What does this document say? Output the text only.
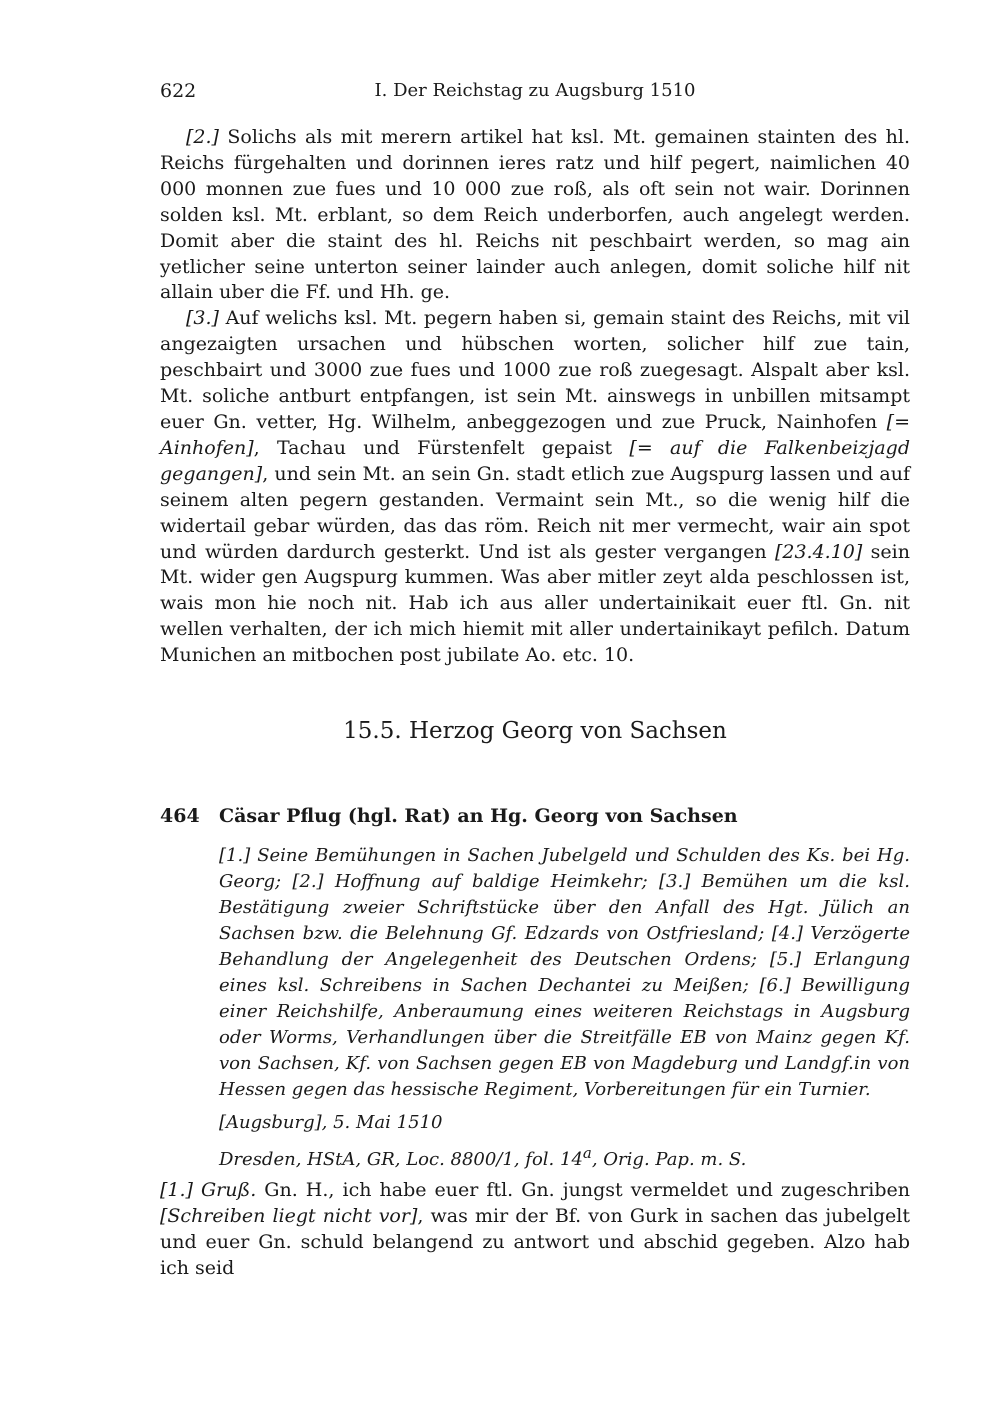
622	I. Der Reichstag zu Augsburg 1510

[2.] Solichs als mit merern artikel hat ksl. Mt. gemainen stainten des hl. Reichs fürgehalten und dorinnen ieres ratz und hilf pegert, naimlichen 40 000 monnen zue fues und 10 000 zue roß, als oft sein not wair. Dorinnen solden ksl. Mt. erblant, so dem Reich underborfen, auch angelegt werden. Domit aber die staint des hl. Reichs nit peschbairt werden, so mag ain yetlicher seine unterton seiner lainder auch anlegen, domit soliche hilf nit allain uber die Ff. und Hh. ge.

[3.] Auf welichs ksl. Mt. pegern haben si, gemain staint des Reichs, mit vil angezaigten ursachen und hübschen worten, solicher hilf zue tain, peschbairt und 3000 zue fues und 1000 zue roß zuegesagt. Alspalt aber ksl. Mt. soliche antburt entpfangen, ist sein Mt. ainswegs in unbillen mitsampt euer Gn. vetter, Hg. Wilhelm, anbeggezogen und zue Pruck, Nainhofen [= Ainhofen], Tachau und Fürstenfelt gepaist [= auf die Falkenbeizjagd gegangen], und sein Mt. an sein Gn. stadt etlich zue Augspurg lassen und auf seinem alten pegern gestanden. Vermaint sein Mt., so die wenig hilf die widertail gebar würden, das das röm. Reich nit mer vermecht, wair ain spot und würden dardurch gesterkt. Und ist als gester vergangen [23.4.10] sein Mt. wider gen Augspurg kummen. Was aber mitler zeyt alda peschlossen ist, wais mon hie noch nit. Hab ich aus aller undertainikait euer ftl. Gn. nit wellen verhalten, der ich mich hiemit mit aller undertainikayt pefilch. Datum Munichen an mitbochen post jubilate Ao. etc. 10.

15.5. Herzog Georg von Sachsen
464 Cäsar Pflug (hgl. Rat) an Hg. Georg von Sachsen

[1.] Seine Bemühungen in Sachen Jubelgeld und Schulden des Ks. bei Hg. Georg; [2.] Hoffnung auf baldige Heimkehr; [3.] Bemühen um die ksl. Bestätigung zweier Schriftstücke über den Anfall des Hgt. Jülich an Sachsen bzw. die Belehnung Gf. Edzards von Ostfriesland; [4.] Verzögerte Behandlung der Angelegenheit des Deutschen Ordens; [5.] Erlangung eines ksl. Schreibens in Sachen Dechantei zu Meißen; [6.] Bewilligung einer Reichshilfe, Anberaumung eines weiteren Reichstags in Augsburg oder Worms, Verhandlungen über die Streitfälle EB von Mainz gegen Kf. von Sachsen, Kf. von Sachsen gegen EB von Magdeburg und Landgf.in von Hessen gegen das hessische Regiment, Vorbereitungen für ein Turnier.

[Augsburg], 5. Mai 1510

Dresden, HStA, GR, Loc. 8800/1, fol. 14$^a$, Orig. Pap. m. S.

[1.] Gruß. Gn. H., ich habe euer ftl. Gn. jungst vermeldet und zugeschriben [Schreiben liegt nicht vor], was mir der Bf. von Gurk in sachen das jubelgelt und euer Gn. schuld belangend zu antwort und abschid gegeben. Alzo hab ich seid
